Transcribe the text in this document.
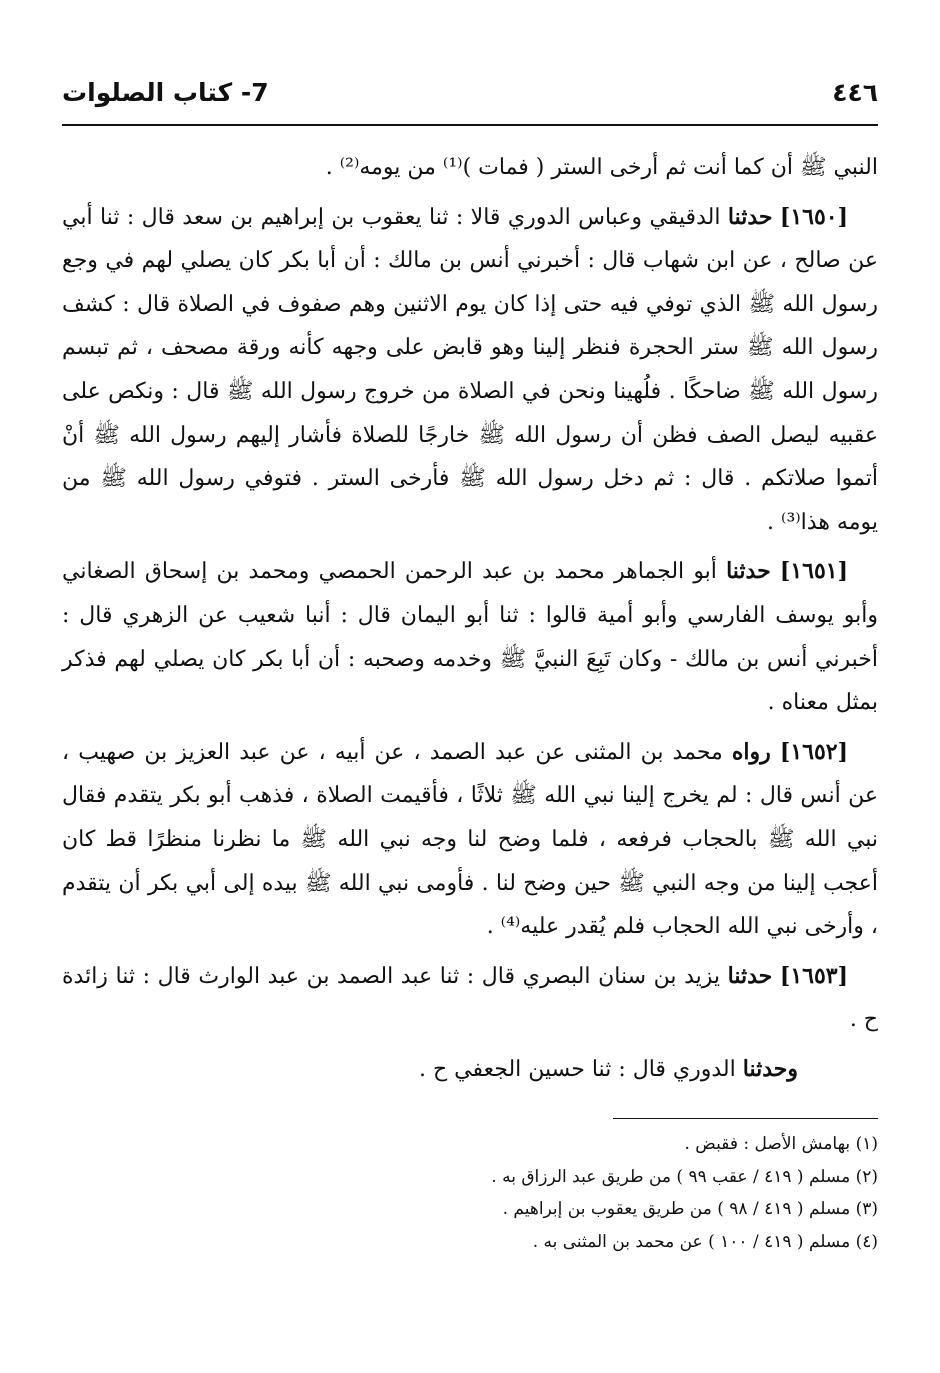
٤٤٦
7- كتاب الصلوات

النبي ﷺ أن كما أنت ثم أرخى الستر ( فمات )⁽¹⁾ من يومه⁽²⁾ .

[١٦٥٠] حدثنا الدقيقي وعباس الدوري قالا : ثنا يعقوب بن إبراهيم بن سعد قال : ثنا أبي عن صالح ، عن ابن شهاب قال : أخبرني أنس بن مالك : أن أبا بكر كان يصلي لهم في وجع رسول الله ﷺ الذي توفي فيه حتى إذا كان يوم الاثنين وهم صفوف في الصلاة قال : كشف رسول الله ﷺ ستر الحجرة فنظر إلينا وهو قابض على وجهه كأنه ورقة مصحف ، ثم تبسم رسول الله ﷺ ضاحكًا . فلُهينا ونحن في الصلاة من خروج رسول الله ﷺ قال : ونكص على عقبيه ليصل الصف فظن أن رسول الله ﷺ خارجًا للصلاة فأشار إليهم رسول الله ﷺ أنْ أتموا صلاتكم . قال : ثم دخل رسول الله ﷺ فأرخى الستر . فتوفي رسول الله ﷺ من يومه هذا⁽³⁾ .

[١٦٥١] حدثنا أبو الجماهر محمد بن عبد الرحمن الحمصي ومحمد بن إسحاق الصغاني وأبو يوسف الفارسي وأبو أمية قالوا : ثنا أبو اليمان قال : أنبا شعيب عن الزهري قال : أخبرني أنس بن مالك - وكان تَبِعَ النبيَّ ﷺ وخدمه وصحبه : أن أبا بكر كان يصلي لهم فذكر بمثل معناه .

[١٦٥٢] رواه محمد بن المثنى عن عبد الصمد ، عن أبيه ، عن عبد العزيز بن صهيب ، عن أنس قال : لم يخرج إلينا نبي الله ﷺ ثلاثًا ، فأقيمت الصلاة ، فذهب أبو بكر يتقدم فقال نبي الله ﷺ بالحجاب فرفعه ، فلما وضح لنا وجه نبي الله ﷺ ما نظرنا منظرًا قط كان أعجب إلينا من وجه النبي ﷺ حين وضح لنا . فأومى نبي الله ﷺ بيده إلى أبي بكر أن يتقدم ، وأرخى نبي الله الحجاب فلم يُقدر عليه⁽⁴⁾ .

[١٦٥٣] حدثنا يزيد بن سنان البصري قال : ثنا عبد الصمد بن عبد الوارث قال : ثنا زائدة ح .

وحدثنا الدوري قال : ثنا حسين الجعفي ح .

(١) بهامش الأصل : فقبض .

(٢) مسلم ( ٤١٩ / عقب ٩٩ ) من طريق عبد الرزاق به .

(٣) مسلم ( ٤١٩ / ٩٨ ) من طريق يعقوب بن إبراهيم .

(٤) مسلم ( ٤١٩ / ١٠٠ ) عن محمد بن المثنى به .
